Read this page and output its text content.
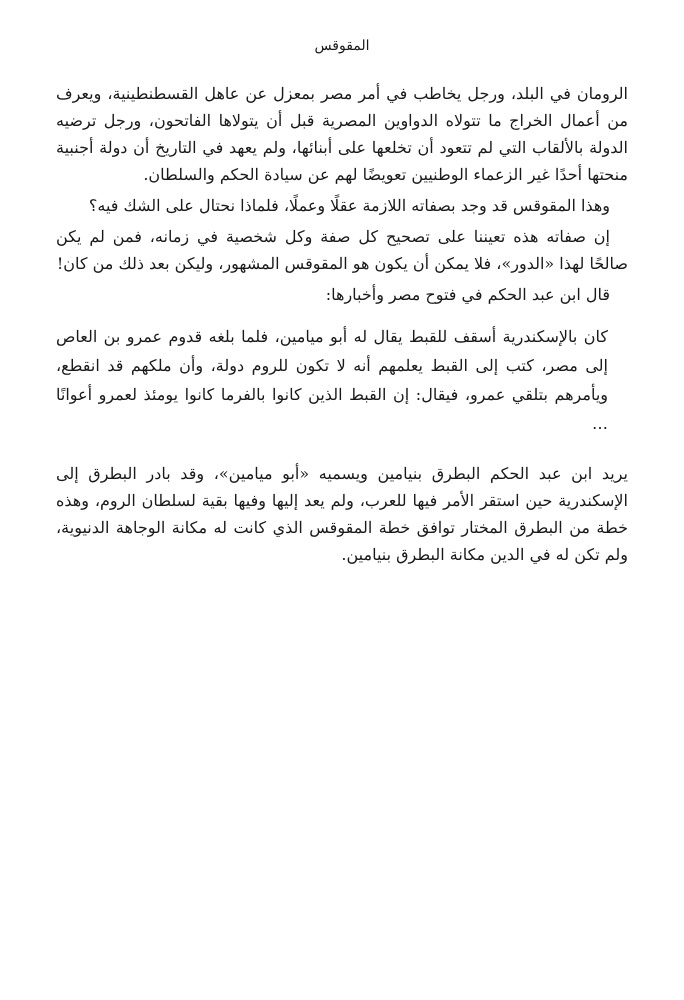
المقوقس

الرومان في البلد، ورجل يخاطب في أمر مصر بمعزل عن عاهل القسطنطينية، ويعرف من أعمال الخراج ما تتولاه الدواوين المصرية قبل أن يتولاها الفاتحون، ورجل ترضيه الدولة بالألقاب التي لم تتعود أن تخلعها على أبنائها، ولم يعهد في التاريخ أن دولة أجنبية منحتها أحدًا غير الزعماء الوطنيين تعويضًا لهم عن سيادة الحكم والسلطان.

وهذا المقوقس قد وجد بصفاته اللازمة عقلًا وعملًا، فلماذا نحتال على الشك فيه؟

إن صفاته هذه تعيننا على تصحيح كل صفة وكل شخصية في زمانه، فمن لم يكن صالحًا لهذا «الدور»، فلا يمكن أن يكون هو المقوقس المشهور، وليكن بعد ذلك من كان!

قال ابن عبد الحكم في فتوح مصر وأخبارها:

كان بالإسكندرية أسقف للقبط يقال له أبو ميامين، فلما بلغه قدوم عمرو بن العاص إلى مصر، كتب إلى القبط يعلمهم أنه لا تكون للروم دولة، وأن ملكهم قد انقطع، ويأمرهم بتلقي عمرو، فيقال: إن القبط الذين كانوا بالفرما كانوا يومئذ لعمرو أعوانًا …

يريد ابن عبد الحكم البطرق بنيامين ويسميه «أبو ميامين»، وقد بادر البطرق إلى الإسكندرية حين استقر الأمر فيها للعرب، ولم يعد إليها وفيها بقية لسلطان الروم، وهذه خطة من البطرق المختار توافق خطة المقوقس الذي كانت له مكانة الوجاهة الدنيوية، ولم تكن له في الدين مكانة البطرق بنيامين.
